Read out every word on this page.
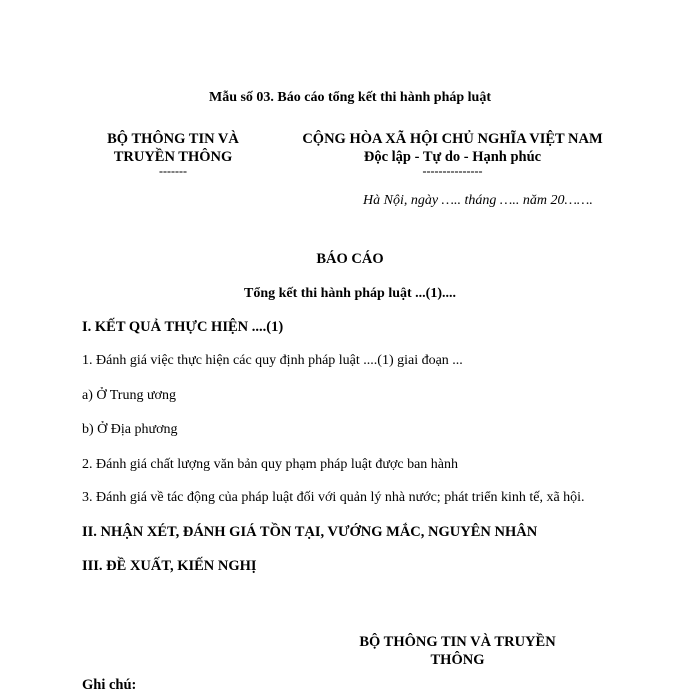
Mẫu số 03. Báo cáo tổng kết thi hành pháp luật
BỘ THÔNG TIN VÀ
TRUYỀN THÔNG
-------
CỘNG HÒA XÃ HỘI CHỦ NGHĨA VIỆT NAM
Độc lập - Tự do - Hạnh phúc
---------------
Hà Nội, ngày ….. tháng ….. năm 20…….
BÁO CÁO
Tổng kết thi hành pháp luật ...(1)....
I. KẾT QUẢ THỰC HIỆN ....(1)
1. Đánh giá việc thực hiện các quy định pháp luật ....(1) giai đoạn ...
a) Ở Trung ương
b) Ở Địa phương
2. Đánh giá chất lượng văn bản quy phạm pháp luật được ban hành
3. Đánh giá về tác động của pháp luật đối với quản lý nhà nước; phát triển kinh tế, xã hội.
II. NHẬN XÉT, ĐÁNH GIÁ TỒN TẠI, VƯỚNG MẮC, NGUYÊN NHÂN
III. ĐỀ XUẤT, KIẾN NGHỊ
BỘ THÔNG TIN VÀ TRUYỀN
THÔNG
Ghi chú:
